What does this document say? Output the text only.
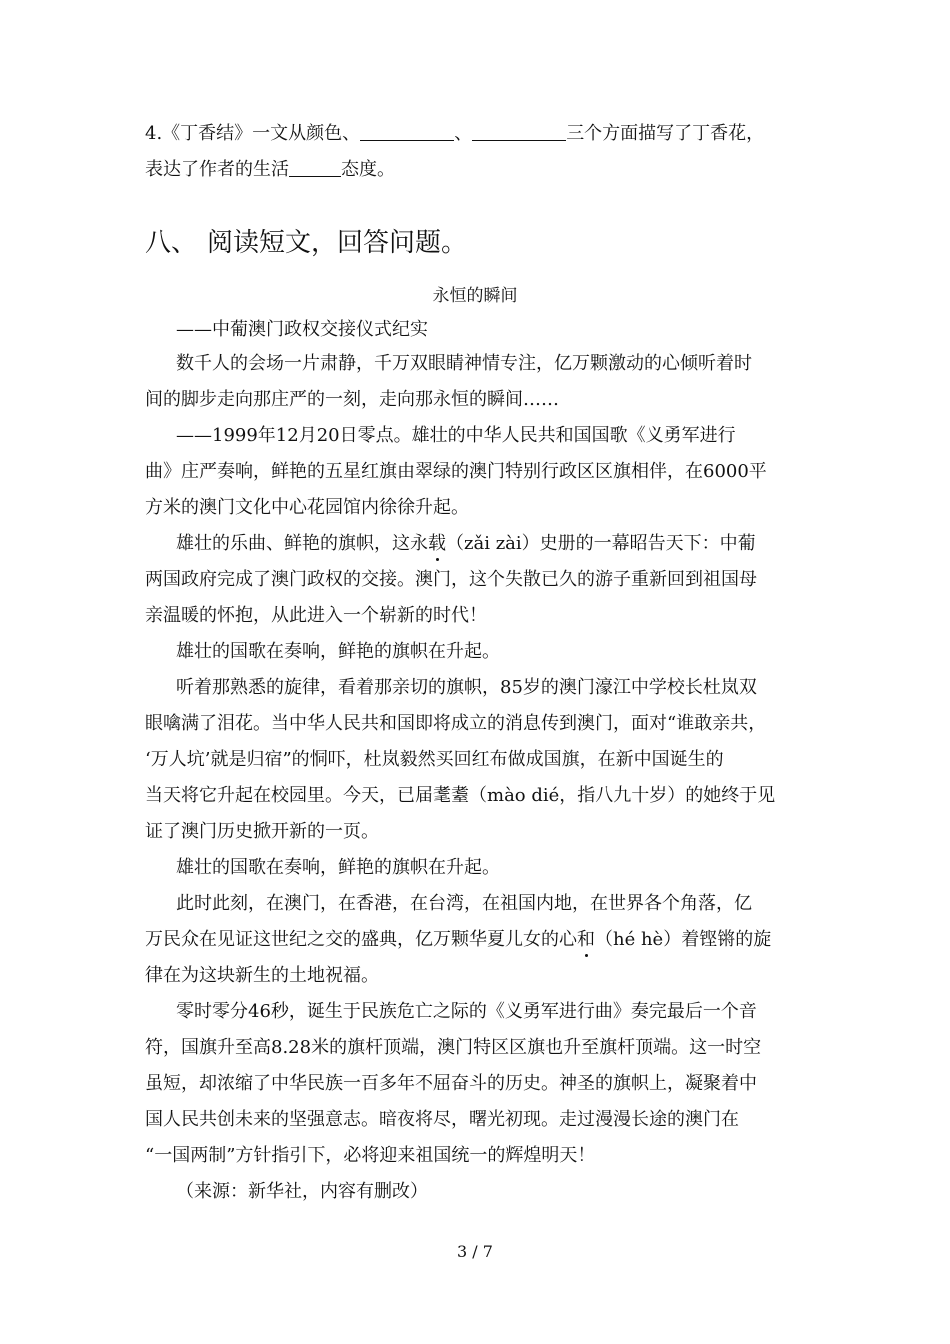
4.《丁香结》一文从颜色、	、	三个方面描写了丁香花，
表达了作者的生活	态度。
八、 阅读短文，回答问题。
永恒的瞬间
——中葡澳门政权交接仪式纪实
数千人的会场一片肃静，千万双眼睛神情专注，亿万颗激动的心倾听着时
间的脚步走向那庄严的一刻，走向那永恒的瞬间……
——1999年12月20日零点。雄壮的中华人民共和国国歌《义勇军进行
曲》庄严奏响，鲜艳的五星红旗由翠绿的澳门特别行政区区旗相伴，在6000平
方米的澳门文化中心花园馆内徐徐升起。
雄壮的乐曲、鲜艳的旗帜，这永载（zǎi zài）史册的一幕昭告天下：中葡
两国政府完成了澳门政权的交接。澳门，这个失散已久的游子重新回到祖国母
亲温暖的怀抱，从此进入一个崭新的时代！
雄壮的国歌在奏响，鲜艳的旗帜在升起。
听着那熟悉的旋律，看着那亲切的旗帜，85岁的澳门濠江中学校长杜岚双
眼噙满了泪花。当中华人民共和国即将成立的消息传到澳门，面对“谁敢亲共，
‘万人坑’就是归宿”的恫吓，杜岚毅然买回红布做成国旗，在新中国诞生的
当天将它升起在校园里。今天，已届耄耋（mào dié，指八九十岁）的她终于见
证了澳门历史掀开新的一页。
雄壮的国歌在奏响，鲜艳的旗帜在升起。
此时此刻，在澳门，在香港，在台湾，在祖国内地，在世界各个角落，亿
万民众在见证这世纪之交的盛典，亿万颗华夏儿女的心和（hé hè）着铿锵的旋
律在为这块新生的土地祝福。
零时零分46秒，诞生于民族危亡之际的《义勇军进行曲》奏完最后一个音
符，国旗升至高8.28米的旗杆顶端，澳门特区区旗也升至旗杆顶端。这一时空
虽短，却浓缩了中华民族一百多年不屈奋斗的历史。神圣的旗帜上，凝聚着中
国人民共创未来的坚强意志。暗夜将尽，曙光初现。走过漫漫长途的澳门在
“一国两制”方针指引下，必将迎来祖国统一的辉煌明天！
（来源：新华社，内容有删改）
3 / 7
